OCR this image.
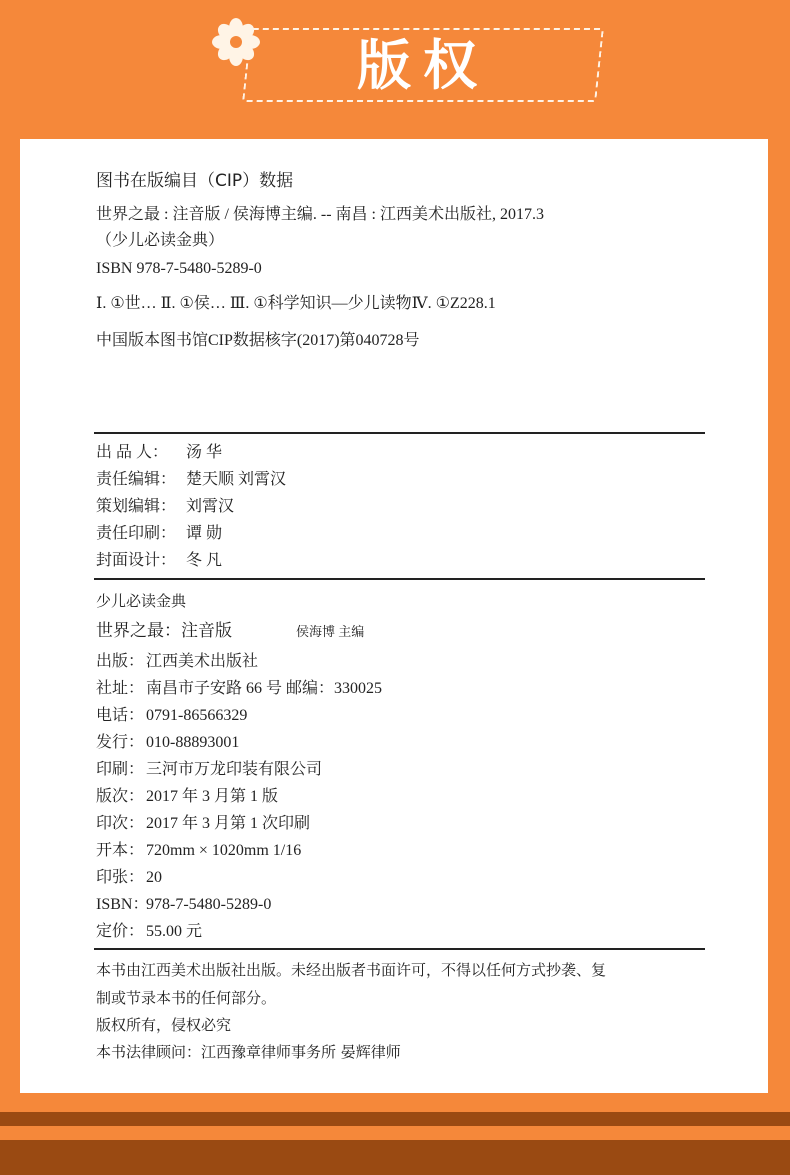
版权
图书在版编目（CIP）数据
世界之最 : 注音版 / 侯海博主编. -- 南昌 : 江西美术出版社, 2017.3
（少儿必读金典）
ISBN 978-7-5480-5289-0
Ⅰ. ①世… Ⅱ. ①侯… Ⅲ. ①科学知识—少儿读物Ⅳ. ①Z228.1
中国版本图书馆CIP数据核字(2017)第040728号
出 品 人： 汤 华
责任编辑： 楚天顺 刘霄汉
策划编辑： 刘霄汉
责任印刷： 谭 勋
封面设计： 冬 凡
少儿必读金典
世界之最：注音版	侯海博 主编
出版： 江西美术出版社
社址： 南昌市子安路 66 号 邮编：330025
电话： 0791-86566329
发行： 010-88893001
印刷： 三河市万龙印装有限公司
版次： 2017 年 3 月第 1 版
印次： 2017 年 3 月第 1 次印刷
开本： 720mm × 1020mm 1/16
印张： 20
ISBN：978-7-5480-5289-0
定价： 55.00 元
本书由江西美术出版社出版。未经出版者书面许可，不得以任何方式抄袭、复
制或节录本书的任何部分。
版权所有，侵权必究
本书法律顾问：江西豫章律师事务所 晏辉律师
